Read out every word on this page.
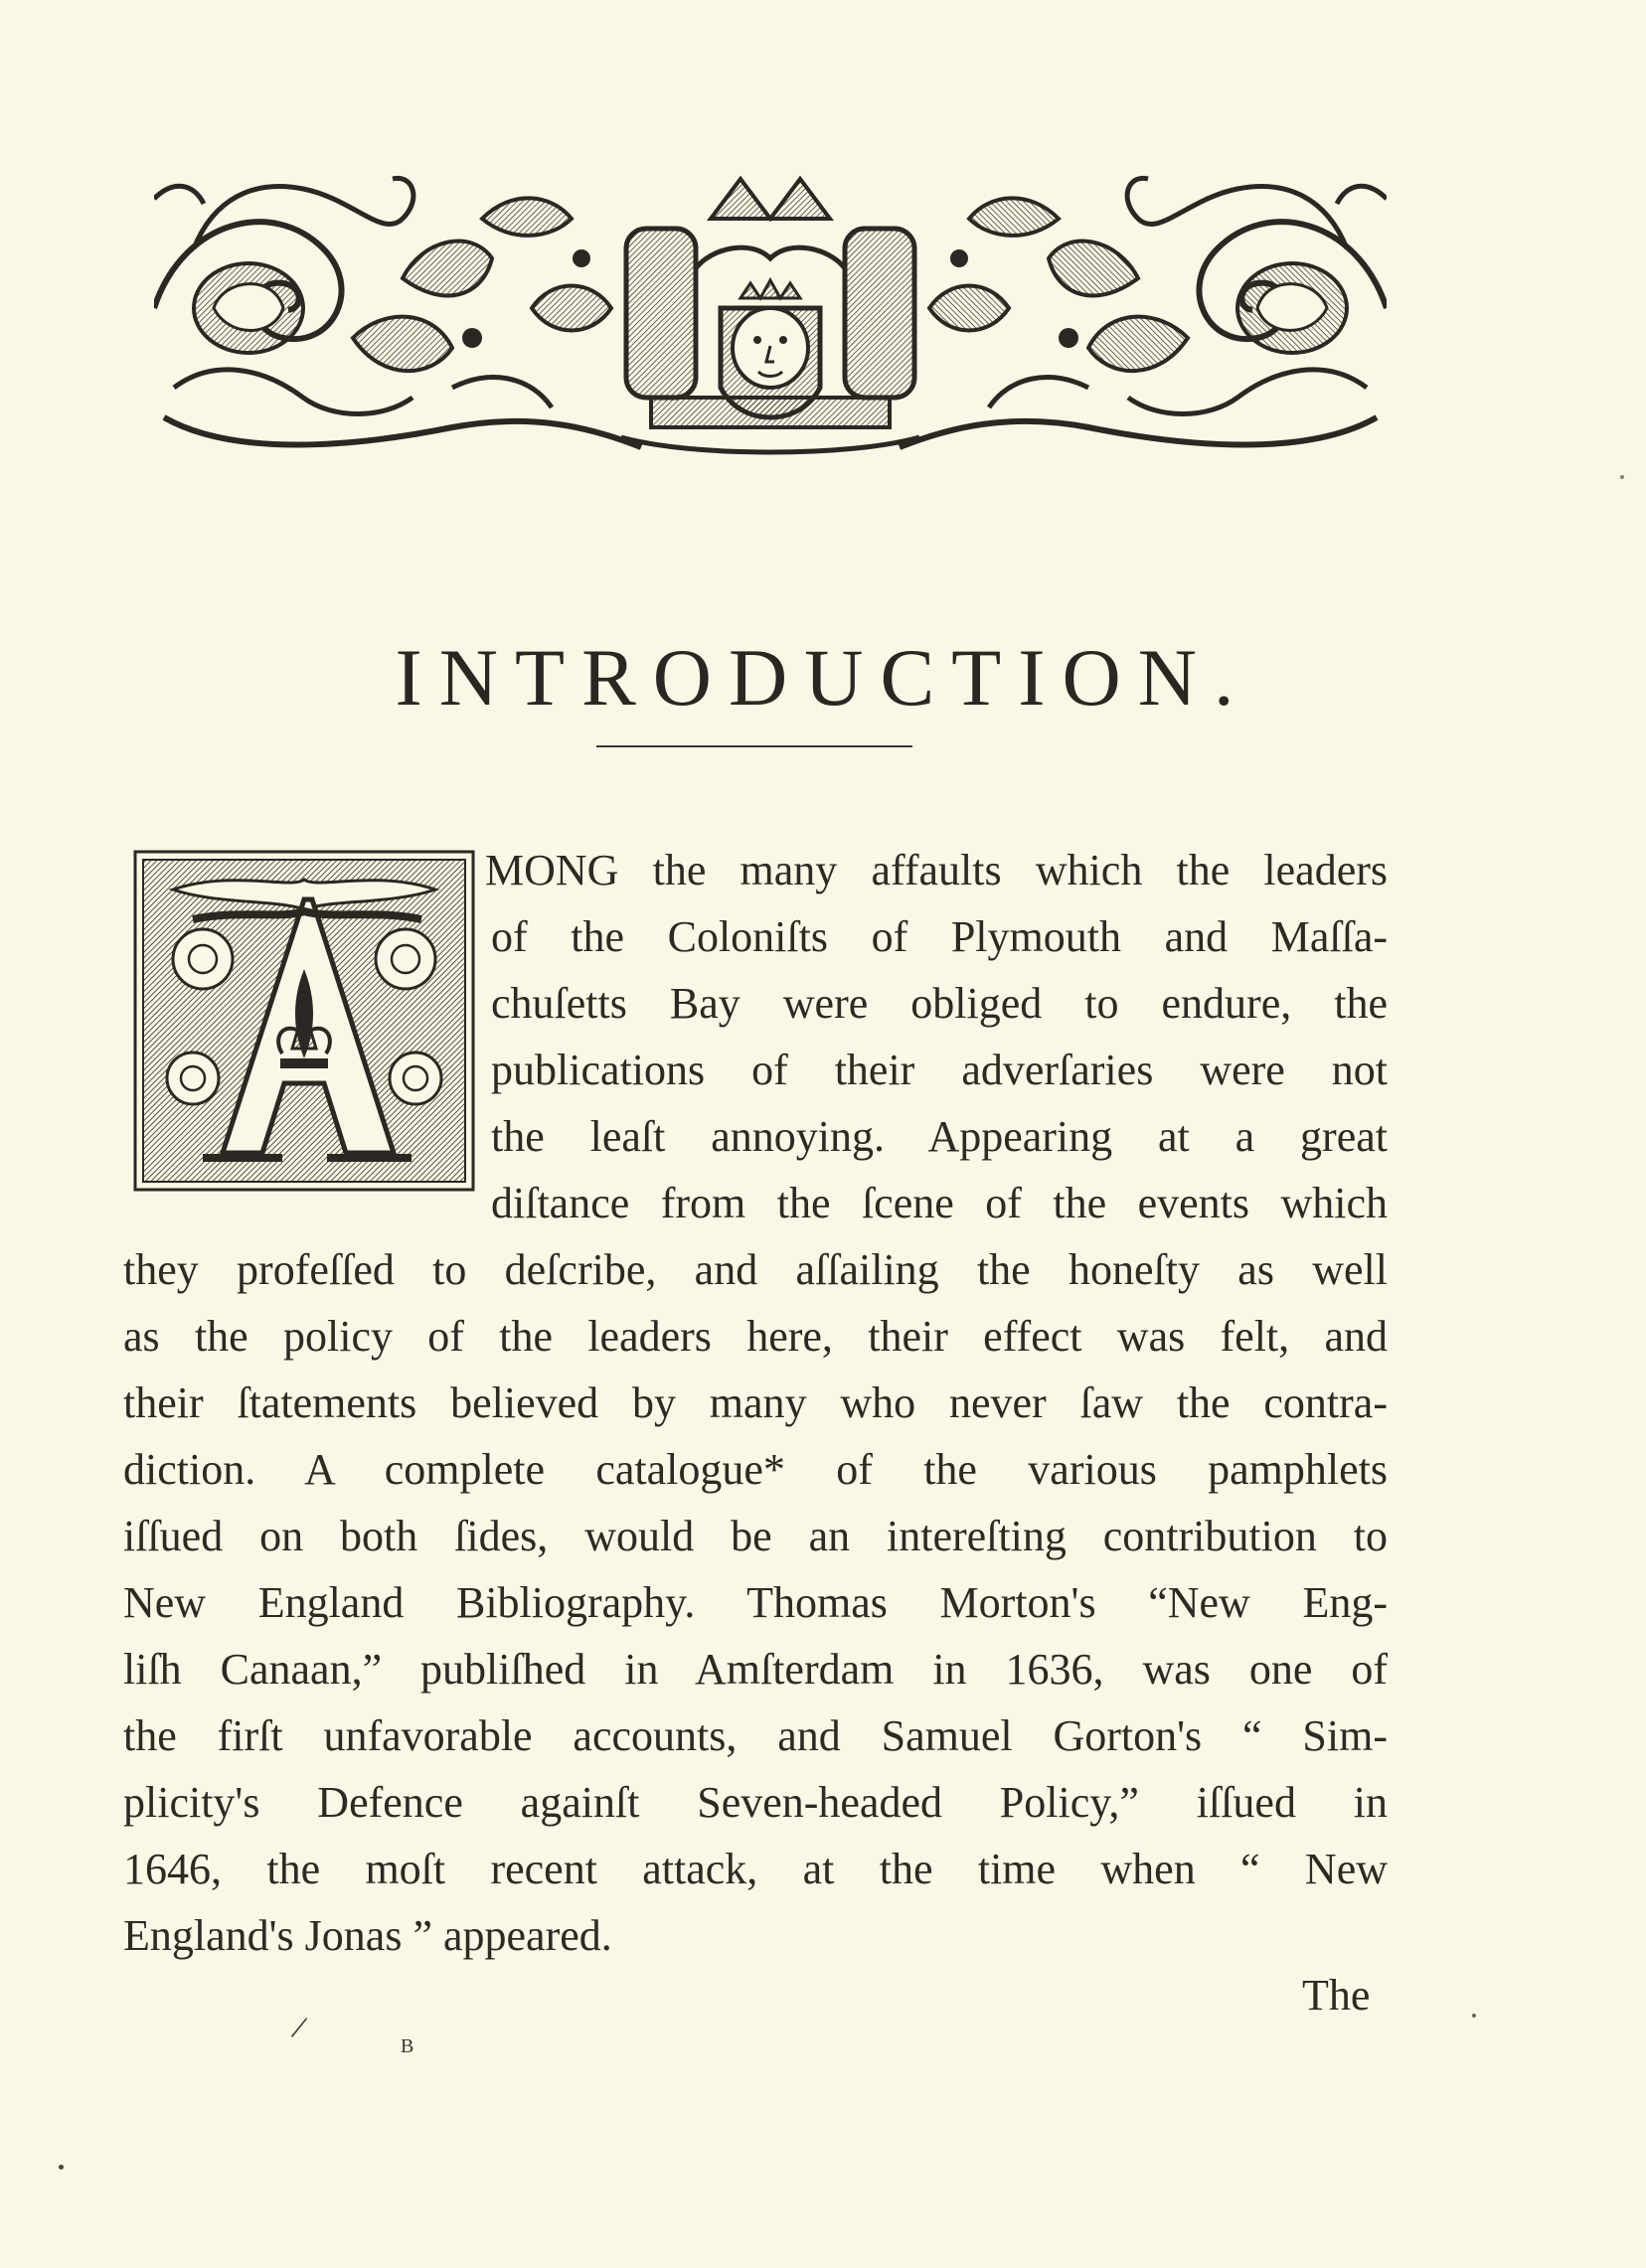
INTRODUCTION.
MONG the many affaults which the leaders
of the Coloniſts of Plymouth and Maſſa-
chuſetts Bay were obliged to endure, the
publications of their adverſaries were not
the leaſt annoying. Appearing at a great
diſtance from the ſcene of the events which
they profeſſed to deſcribe, and aſſailing the honeſty as well
as the policy of the leaders here, their effect was felt, and
their ſtatements believed by many who never ſaw the contra-
diction. A complete catalogue* of the various pamphlets
iſſued on both ſides, would be an intereſting contribution to
New England Bibliography. Thomas Morton's “New Eng-
liſh Canaan,” publiſhed in Amſterdam in 1636, was one of
the firſt unfavorable accounts, and Samuel Gorton's “ Sim-
plicity's Defence againſt Seven-headed Policy,” iſſued in
1646, the moſt recent attack, at the time when “ New
England's Jonas ” appeared.
The
B
/
